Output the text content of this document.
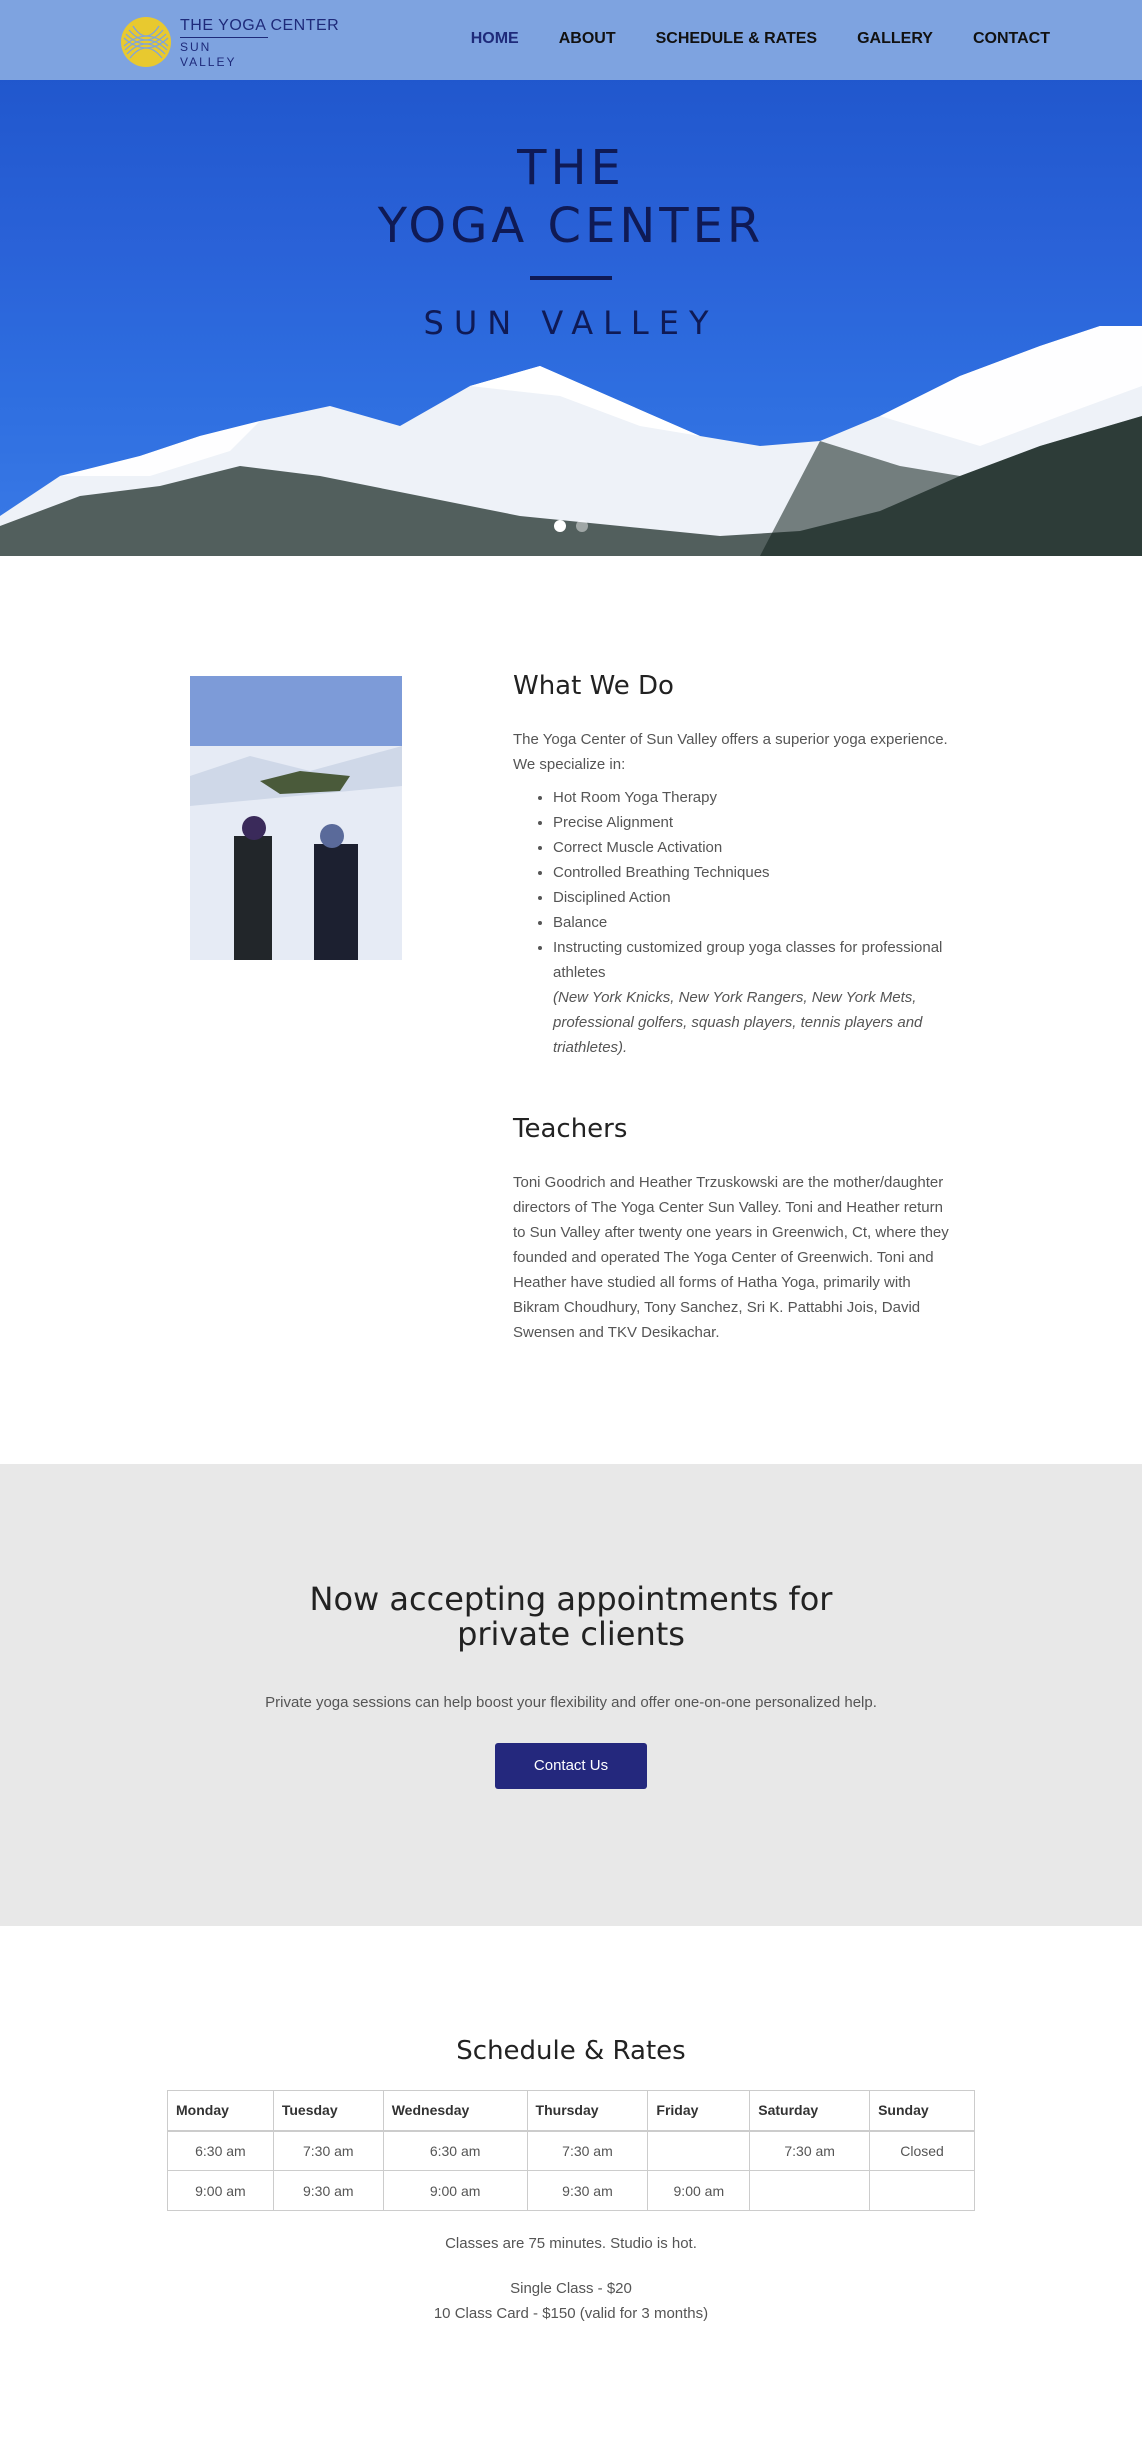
THE YOGA CENTER
SUN VALLEY
HOME	ABOUT	SCHEDULE & RATES	GALLERY	CONTACT
THE
YOGA CENTER
SUN VALLEY
What We Do

The Yoga Center of Sun Valley offers a superior yoga experience. We specialize in:

• Hot Room Yoga Therapy
• Precise Alignment
• Correct Muscle Activation
• Controlled Breathing Techniques
• Disciplined Action
• Balance
• Instructing customized group yoga classes for professional athletes
(New York Knicks, New York Rangers, New York Mets, professional golfers, squash players, tennis players and triathletes).
Teachers

Toni Goodrich and Heather Trzuskowski are the mother/daughter directors of The Yoga Center Sun Valley. Toni and Heather return to Sun Valley after twenty one years in Greenwich, Ct, where they founded and operated The Yoga Center of Greenwich. Toni and Heather have studied all forms of Hatha Yoga, primarily with Bikram Choudhury, Tony Sanchez, Sri K. Pattabhi Jois, David Swensen and TKV Desikachar.

Now accepting appointments for private clients

Private yoga sessions can help boost your flexibility and offer one-on-one personalized help.

Contact Us
Schedule & Rates
Monday	Tuesday	Wednesday	Thursday	Friday	Saturday	Sunday
6:30 am	7:30 am	6:30 am	7:30 am		7:30 am	Closed
9:00 am	9:30 am	9:00 am	9:30 am	9:00 am		

Classes are 75 minutes. Studio is hot.

Single Class - $20
10 Class Card - $150 (valid for 3 months)
